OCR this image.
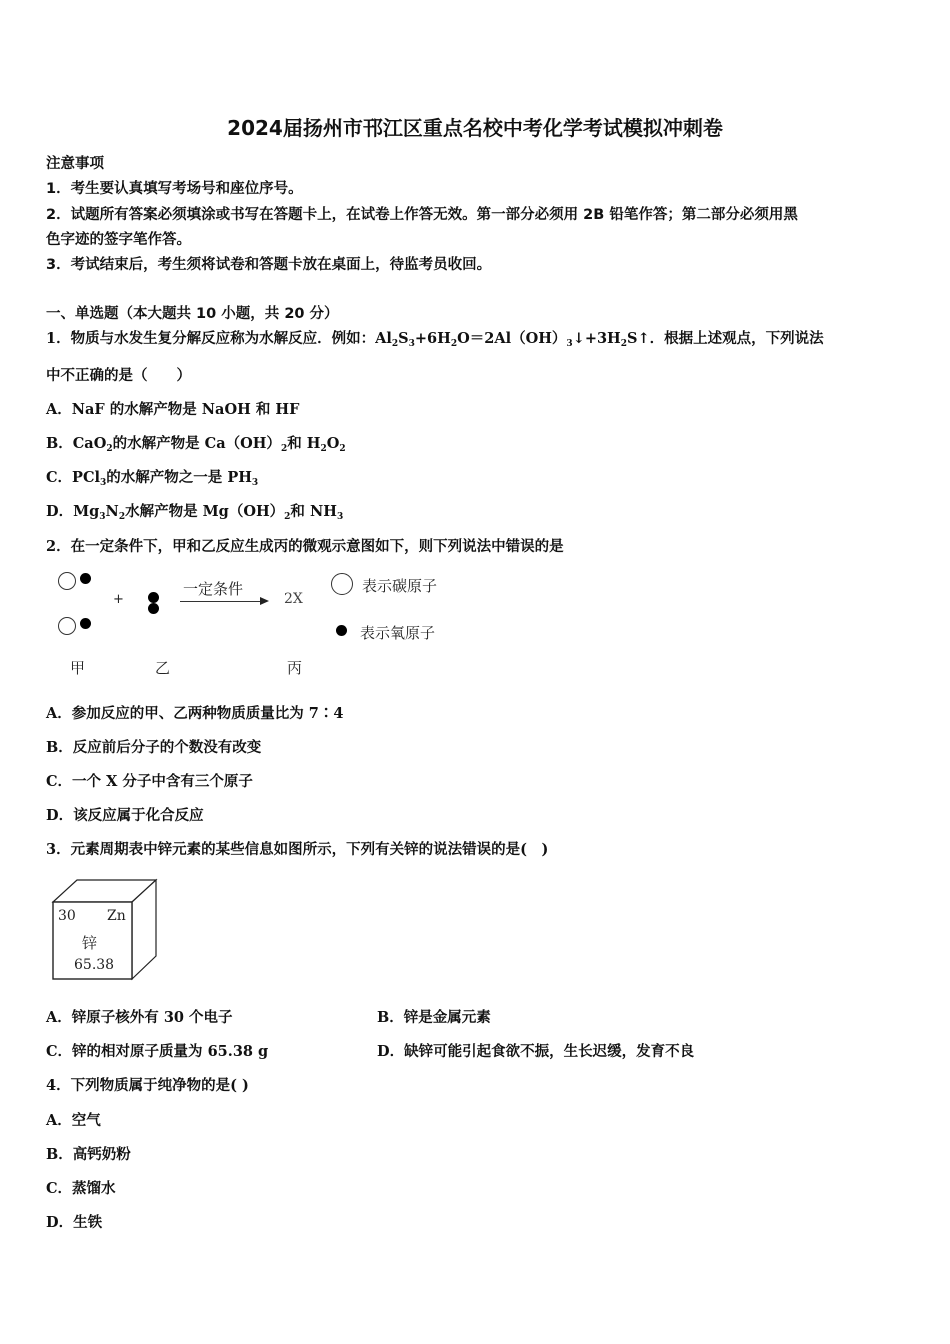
2024届扬州市邗江区重点名校中考化学考试模拟冲刺卷
注意事项
1．考生要认真填写考场号和座位序号。
2．试题所有答案必须填涂或书写在答题卡上，在试卷上作答无效。第一部分必须用 2B 铅笔作答；第二部分必须用黑
色字迹的签字笔作答。
3．考试结束后，考生须将试卷和答题卡放在桌面上，待监考员收回。
一、单选题（本大题共 10 小题，共 20 分）
1．物质与水发生复分解反应称为水解反应．例如：$Al_2S_3+6H_2O=2Al(OH)_3↓+3H_2S↑$．根据上述观点，下列说法
中不正确的是（　　）
A．NaF 的水解产物是 NaOH 和 HF
B．CaO$_2$的水解产物是 $Ca(OH)_2$和 $H_2O_2$
C．PCl$_3$的水解产物之一是 $PH_3$
D．$Mg_3N_2$水解产物是 $Mg(OH)_2$和 $NH_3$
2．在一定条件下，甲和乙反应生成丙的微观示意图如下，则下列说法中错误的是
+
一定条件
2X
表示碳原子
表示氧原子
甲	乙	丙
A．参加反应的甲、乙两种物质质量比为 7∶4
B．反应前后分子的个数没有改变
C．一个 X 分子中含有三个原子
D．该反应属于化合反应
3．元素周期表中锌元素的某些信息如图所示，下列有关锌的说法错误的是(　)
30 Zn
锌
65.38
A．锌原子核外有 30 个电子	B．锌是金属元素
C．锌的相对原子质量为 65.38 g	D．缺锌可能引起食欲不振，生长迟缓，发育不良
4．下列物质属于纯净物的是( )
A．空气
B．高钙奶粉
C．蒸馏水
D．生铁
